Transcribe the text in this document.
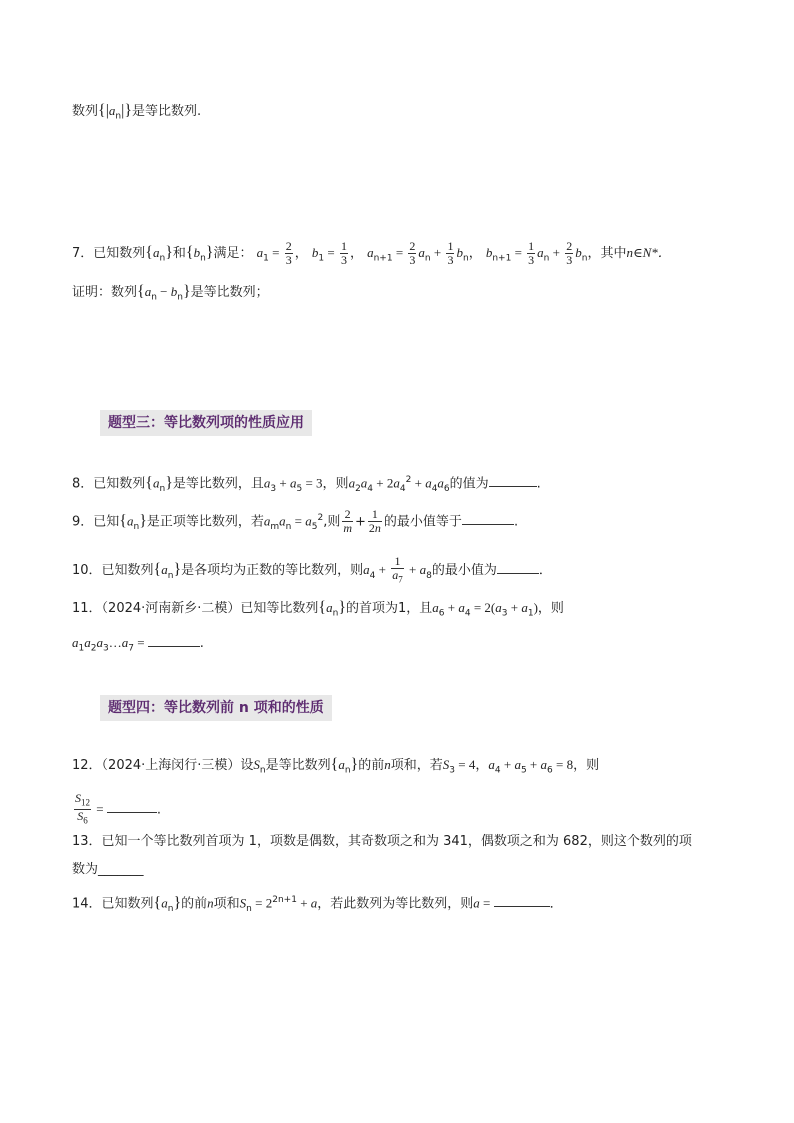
数列$\{|a_n|\}$是等比数列.
7．已知数列$\{a_n\}$和$\{b_n\}$满足： $a_1 = \frac{2}{3}$ ， $b_1 = \frac{1}{3}$ ， $a_{n+1} = \frac{2}{3} a_n + \frac{1}{3} b_n$， $b_{n+1} = \frac{1}{3} a_n + \frac{2}{3} b_n$，其中n∈N*．
证明：数列$\{a_n - b_n\}$是等比数列；
题型三：等比数列项的性质应用
8．已知数列$\{a_n\}$是等比数列，且$a_3 + a_5 = 3$，则$a_2a_4 + 2a_4^2 + a_4a_6$的值为	.
9．已知$\{a_n\}$是正项等比数列，若$a_ma_n = a_5^2$,则 $\frac{2}{m} + \frac{1}{2n}$ 的最小值等于	.
10．已知数列$\{a_n\}$是各项均为正数的等比数列，则$a_4 + \frac{1}{a_7} + a_8$的最小值为	．
11．（2024·河南新乡·二模）已知等比数列$\{a_n\}$的首项为1，且$a_6 + a_4 = 2(a_3 + a_1)$，则
$a_1a_2a_3\dots a_7$ =	.
题型四：等比数列前 n 项和的性质
12．（2024·上海闵行·三模）设$S_n$是等比数列$\{a_n\}$的前n项和，若$S_3 = 4$，$a_4 + a_5 + a_6 = 8$，则
$\frac{S_{12}}{S_6}$ =	.
13．已知一个等比数列首项为 1，项数是偶数，其奇数项之和为 341，偶数项之和为 682，则这个数列的项
数为_______
14．已知数列$\{a_n\}$的前n项和$S_n = 2^{2n+1} + a$，若此数列为等比数列，则a =	．
